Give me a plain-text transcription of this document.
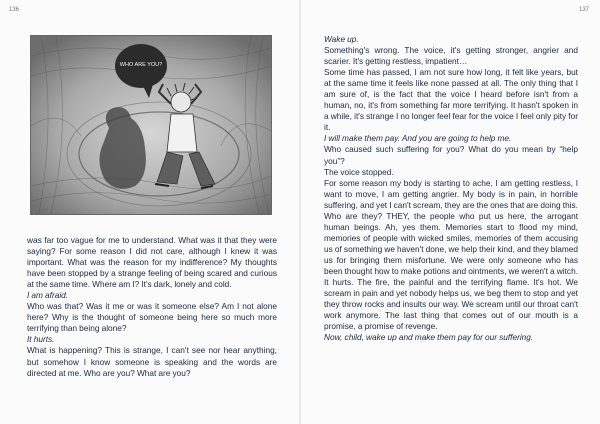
136
WHO ARE YOU?

was far too vague for me to understand. What was it that they were saying? For some reason I did not care, although I knew it was important. What was the reason for my indifference? My thoughts have been stopped by a strange feeling of being scared and curious at the same time. Where am I? It's dark, lonely and cold.

I am afraid.

Who was that? Was it me or was it someone else? Am I not alone here? Why is the thought of someone being here so much more terrifying than being alone?

It hurts.

What is happening? This is strange, I can't see nor hear anything, but somehow I know someone is speaking and the words are directed at me. Who are you? What are you?

137

Wake up.

Something's wrong. The voice, it's getting stronger, angrier and scarier. It's getting restless, impatient…

Some time has passed, I am not sure how long, it felt like years, but at the same time it feels like none passed at all. The only thing that I am sure of, is the fact that the voice I heard before isn't from a human, no, it's from something far more terrifying. It hasn't spoken in a while, it's strange I no longer feel fear for the voice I feel only pity for it.

I will make them pay. And you are going to help me.

Who caused such suffering for you? What do you mean by “help you”?

The voice stopped.

For some reason my body is starting to ache, I am getting restless, I want to move, I am getting angrier. My body is in pain, in horrible suffering, and yet I can't scream, they are the ones that are doing this. Who are they? THEY, the people who put us here, the arrogant human beings. Ah, yes them. Memories start to flood my mind, memories of people with wicked smiles, memories of them accusing us of something we haven't done, we help their kind, and they blamed us for bringing them misfortune. We were only someone who has been thought how to make potions and ointments, we weren't a witch. It hurts. The fire, the painful and the terrifying flame. It's hot. We scream in pain and yet nobody helps us, we beg them to stop and yet they throw rocks and insults our way. We scream until our throat can't work anymore. The last thing that comes out of our mouth is a promise, a promise of revenge.

Now, child, wake up and make them pay for our suffering.
